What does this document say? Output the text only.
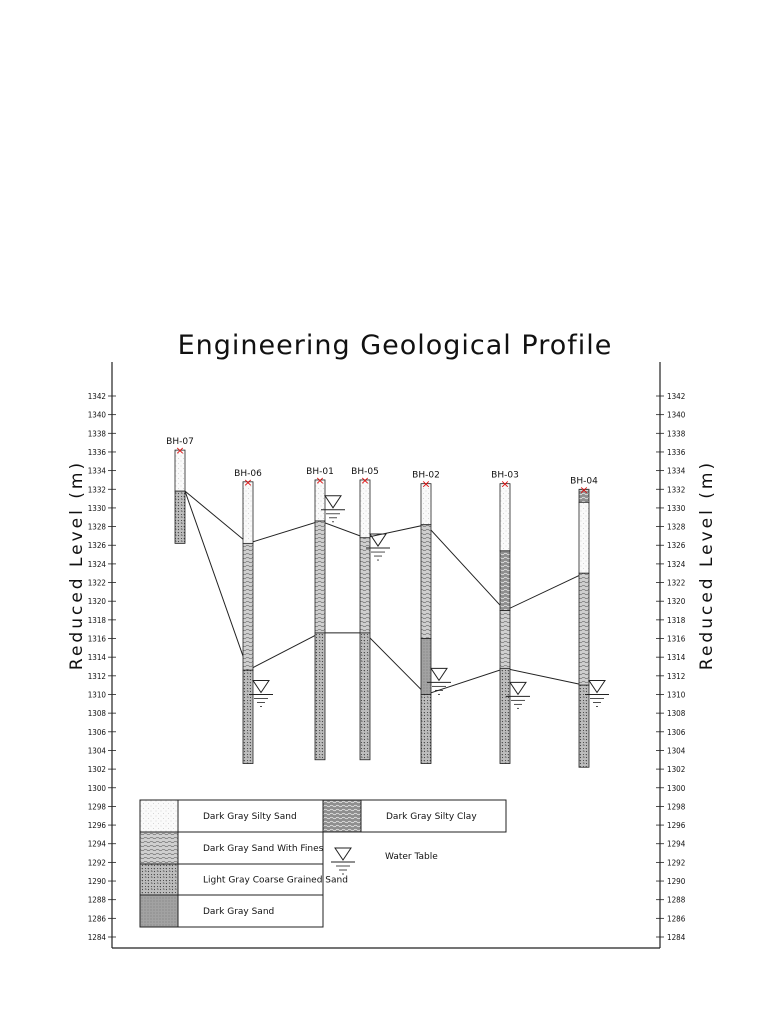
Engineering Geological Profile
Reduced Level (m)	Reduced Level (m)
1342
1340
1338
1336
1334
1332
1330
1328
1326
1324
1322
1320
1318
1316
1314
1312
1310
1308
1306
1304
1302
1300
1298
1296
1294
1292
1290
1288
1286
1284
1342
1340
1338
1336
1334
1332
1330
1328
1326
1324
1322
1320
1318
1316
1314
1312
1310
1308
1306
1304
1302
1300
1298
1296
1294
1292
1290
1288
1286
1284
×
BH-07
×
BH-06
×
BH-01
×
BH-05
×
BH-02
×
BH-03
×
BH-04
Dark Gray Silty Sand
Dark Gray Sand With Fines
Light Gray Coarse Grained Sand
Dark Gray Sand
Dark Gray Silty Clay
Water Table
